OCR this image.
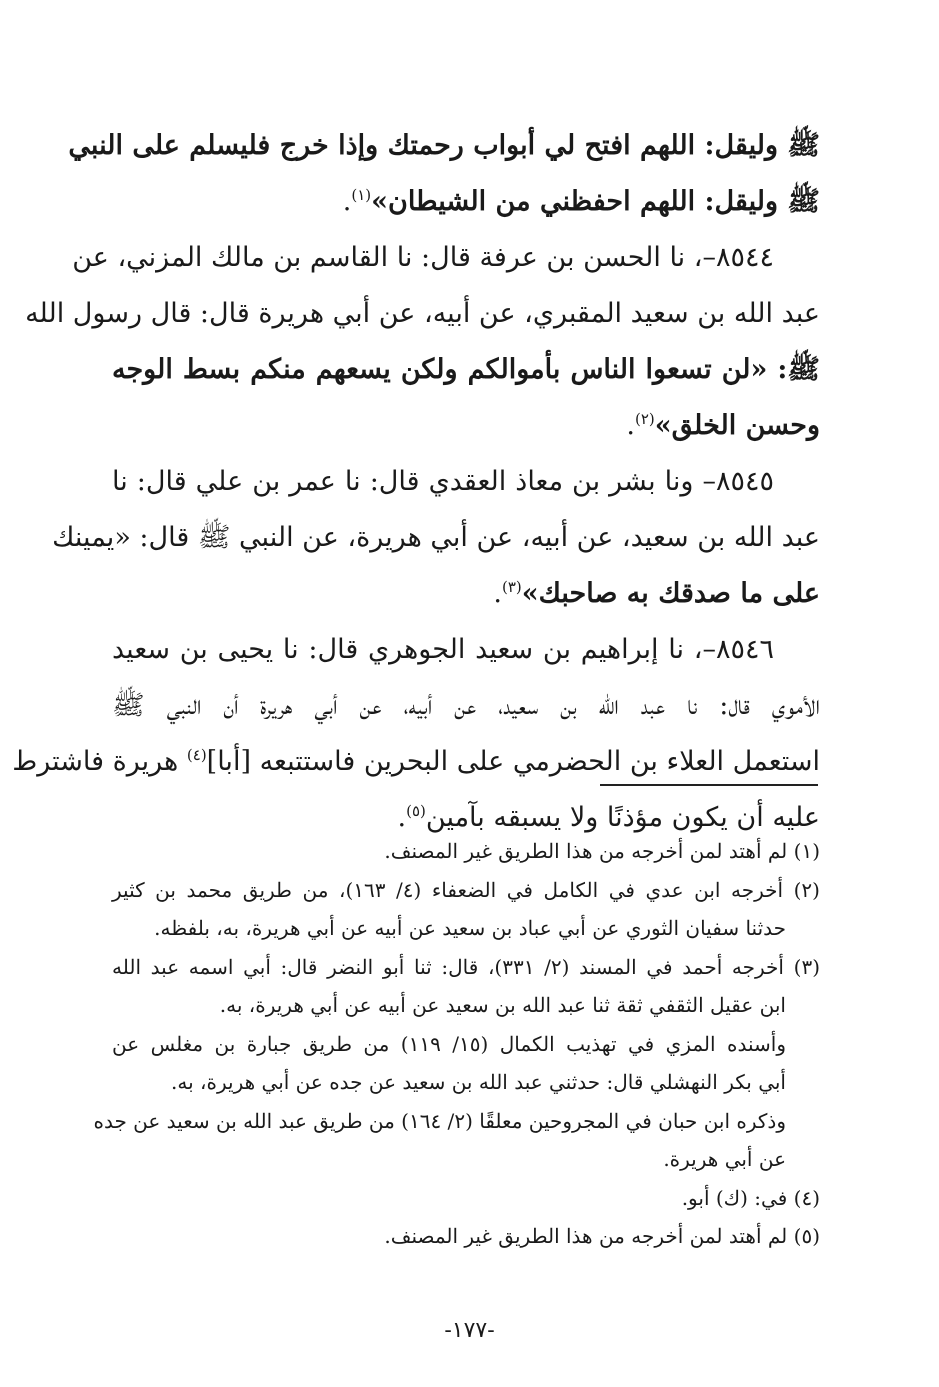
ﷺ وليقل: اللهم افتح لي أبواب رحمتك وإذا خرج فليسلم على النبي
ﷺ وليقل: اللهم احفظني من الشيطان»$^{(١)}$.
٨٥٤٤–، نا الحسن بن عرفة قال: نا القاسم بن مالك المزني، عن
عبد الله بن سعيد المقبري، عن أبيه، عن أبي هريرة قال: قال رسول الله
ﷺ: «لن تسعوا الناس بأموالكم ولكن يسعهم منكم بسط الوجه
وحسن الخلق»$^{(٢)}$.
٨٥٤٥– ونا بشر بن معاذ العقدي قال: نا عمر بن علي قال: نا
عبد الله بن سعيد، عن أبيه، عن أبي هريرة، عن النبي ﷺ قال: «يمينك
على ما صدقك به صاحبك»$^{(٣)}$.
٨٥٤٦–، نا إبراهيم بن سعيد الجوهري قال: نا يحيى بن سعيد
الأموي قال: نا عبد الله بن سعيد، عن أبيه، عن أبي هريرة أن النبي ﷺ
استعمل العلاء بن الحضرمي على البحرين فاستتبعه [أبا]$^{(٤)}$ هريرة فاشترط
عليه أن يكون مؤذنًا ولا يسبقه بآمين$^{(٥)}$.
(١) لم أهتد لمن أخرجه من هذا الطريق غير المصنف.
(٢) أخرجه ابن عدي في الكامل في الضعفاء (٤/ ١٦٣)، من طريق محمد بن كثير
حدثنا سفيان الثوري عن أبي عباد بن سعيد عن أبيه عن أبي هريرة، به، بلفظه.
(٣) أخرجه أحمد في المسند (٢/ ٣٣١)، قال: ثنا أبو النضر قال: أبي اسمه عبد الله
ابن عقيل الثقفي ثقة ثنا عبد الله بن سعيد عن أبيه عن أبي هريرة، به.
وأسنده المزي في تهذيب الكمال (١٥/ ١١٩) من طريق جبارة بن مغلس عن
أبي بكر النهشلي قال: حدثني عبد الله بن سعيد عن جده عن أبي هريرة، به.
وذكره ابن حبان في المجروحين معلقًا (٢/ ١٦٤) من طريق عبد الله بن سعيد عن جده
عن أبي هريرة.
(٤) في: (ك) أبو.
(٥) لم أهتد لمن أخرجه من هذا الطريق غير المصنف.
-١٧٧-
